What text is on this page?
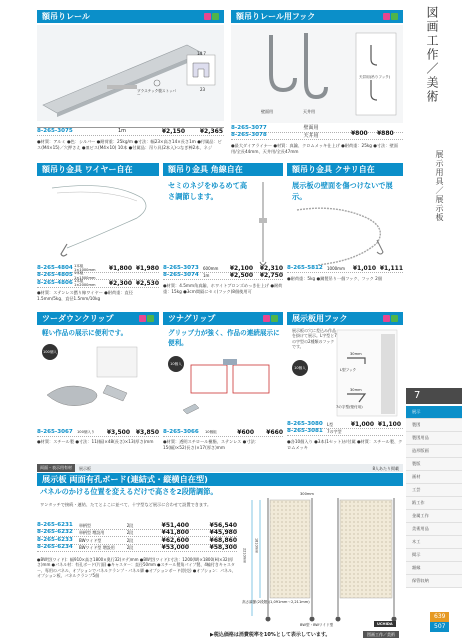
額吊りレール
14.7
23
プラスチック製ストッパー
8-265-3075	1m	¥2,150	¥2,365
●材質：アルミ ●色：シルバー ●耐荷重：25kg/m ●寸法：幅23×高さ14×長さ1m ●付属品：ビス(M4×15)／穴押さえ ●皿ビス(M4×10) 10本 ●付属品：吊り具(2本入)つなぎ棒2本、ネジ
額吊りレール用フック
壁面用	天井用
天井用(吊りフック)
8-265-3077	壁面用
8-265-3078	天井用	¥800 ¥880
●最大ダイアライナー ●材質：真鍮、クロムメッキ仕上げ ●耐荷重：25kg ●寸法：壁面用/全長44mm、天井用/全長47mm
額吊り金具 ワイヤー自在
8-265-4804 1本組 1×1000mm	¥1,800 ¥1,980
8-265-4805 1本組 1×1500mm
8-265-4806 1本組 1×2000mm	¥2,300 ¥2,530
●材質：ステンレス撚り線ワイヤー ●耐荷重：直径1.5mm/5kg、直径1.5mm/10kg
額吊り金具 角線自在
セミのネジをゆるめて高さ調節します。
8-265-3073	600mm	¥2,100	¥2,310
8-265-3074	1m	¥2,500	¥2,750
●材質：4.5mm角真鍮、ホワイトブロンズめっき仕上げ ●耐荷重：15kg ●3cm間隔にセミ(フック)8個使用可
額吊り金具 クサリ自在
展示板の壁面を傷つけないで展示。
8-265-5812	1000mm	¥1,010 ¥1,111
●耐荷重：5kg ●鋼製吊り一個フック、フック 2個
ツーダウンクリップ
軽い作品の展示に便利です。
100個入
8-265-3067	100個入り	¥3,500 ¥3,850
●材質：スチール製 ●寸法：11(幅)×48(長さ)×13(厚さ)mm
ツナグリップ
グリップ力が強く、作品の連続展示に便利。
10個入
8-265-3066	10個組	¥600	¥660
●材質：透明スチロール樹脂、ステンレス ●寸法：15(幅)×52(長さ)×17(厚さ)mm
展示板用フック
10個入
展示板の穴に差込み作品を掛けて展示。L字型と7の字型の2種類のフックです。
30mm
30mm
L型フック
7の字型(壁付用)
8-265-3080	L型	¥1,000 ¥1,100
8-265-3081	7の字型
●各10個入り ●3本(1セット)が付属 ●材質：スチール製、クロムメッキ
両面・表示用有材	展示板	8人あたり掲載
展示板 両面有孔ボード(連結式・縦横自在型)
パネルのかける位置を変えるだけで高さを2段階調節。
ワンタッチで接続・連結、たてとよこに並べて、十字型など展示に合わせて設置できます。
8-265-6231	単柄型	2段	¥51,400	¥56,540
8-265-6232	単柄型 増設用	2段	¥41,800	¥45,980
8-265-6233	BWワイド型	2段	¥62,600	¥68,860
8-265-6234	BWワイド型 増設用	2段	¥53,000	¥58,300
●BW型(ワイド)：幅910×高さ1800×奥行32(タテ)mm ●BW型(ワイド):寸法：1200(W)×1800(H)×32(厚さ)mm ●パネル材：有孔ボード(片面) ●キャスター：直径50mm ●スチール製角パイプ製、4輪付きキャスター、専用のパネル、オプションでパネルクランプ・パネル脚 ●オプションボード(別売) ●オプション：パネル、オプション板、パネルクランプ5個
300mm
2210mm
1810mm
高さ調節(2段階)(1,091mm〜2,211mm)
BW型・BWワイド型	UCHIDA
▶税込価格は消費税率を10%として表示しています。	図画工作／美術
図画工作／美術
展示用具／展示板
7
展示
製図
製図用品
造形版画
製版
画材
工芸
紙工作
金属工作
美術用品
木工
掲示
額縁
保管収納
639
507
